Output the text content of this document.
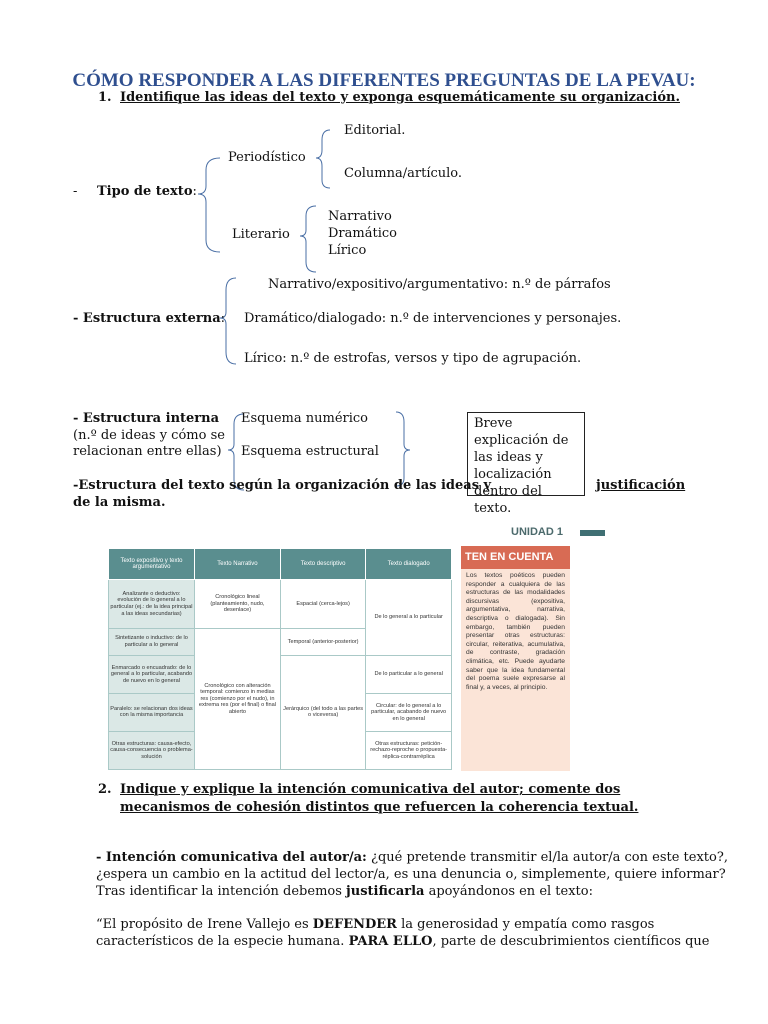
CÓMO RESPONDER A LAS DIFERENTES PREGUNTAS DE LA PEVAU:
1. Identifique las ideas del texto y exponga esquemáticamente su organización.
- Tipo de texto:
Periodístico
Editorial.
Columna/artículo.
Literario
Narrativo
Dramático
Lírico
Narrativo/expositivo/argumentativo: n.º de párrafos
- Estructura externa: Dramático/dialogado: n.º de intervenciones y personajes.
Lírico: n.º de estrofas, versos y tipo de agrupación.
- Estructura interna
(n.º de ideas y cómo se
relacionan entre ellas)
Esquema numérico
Esquema estructural
Breve explicación de las ideas y localización dentro del texto.
-Estructura del texto según la organización de las ideas y
de la misma.
justificación
UNIDAD 1
Texto expositivo y texto argumentativo	Texto Narrativo	Texto descriptivo	Texto dialogado
Analizante o deductivo: evolución de lo general a lo particular (ej.: de la idea principal a las ideas secundarias)	Cronológico lineal (planteamiento, nudo, desenlace)	Espacial (cerca-lejos)	De lo general a lo particular
Sintetizante o inductivo: de lo particular a lo general	Cronológico con alteración temporal: comienzo in medias res (comienzo por el nudo), in extrema res (por el final) o final abierto	Temporal (anterior-posterior)	
Enmarcado o encuadrado: de lo general a lo particular, acabando de nuevo en lo general		Jerárquico (del todo a las partes o viceversa)	De lo particular a lo general
Paralelo: se relacionan dos ideas con la misma importancia			Circular: de lo general a lo particular, acabando de nuevo en lo general
Otras estructuras: causa-efecto, causa-consecuencia o problema-solución			Otras estructuras: petición-rechazo-reproche o propuesta-réplica-contrarréplica
TEN EN CUENTA
Los textos poéticos pueden responder a cualquiera de las estructuras de las modalidades discursivas (expositiva, argumentativa, narrativa, descriptiva o dialogada). Sin embargo, también pueden presentar otras estructuras: circular, reiterativa, acumulativa, de contraste, gradación climática, etc. Puede ayudarte saber que la idea fundamental del poema suele expresarse al final y, a veces, al principio.
2. Indique y explique la intención comunicativa del autor; comente dos
mecanismos de cohesión distintos que refuercen la coherencia textual.
- Intención comunicativa del autor/a: ¿qué pretende transmitir el/la autor/a con este texto?,
¿espera un cambio en la actitud del lector/a, es una denuncia o, simplemente, quiere informar?
Tras identificar la intención debemos justificarla apoyándonos en el texto:
“El propósito de Irene Vallejo es DEFENDER la generosidad y empatía como rasgos
característicos de la especie humana. PARA ELLO, parte de descubrimientos científicos que
